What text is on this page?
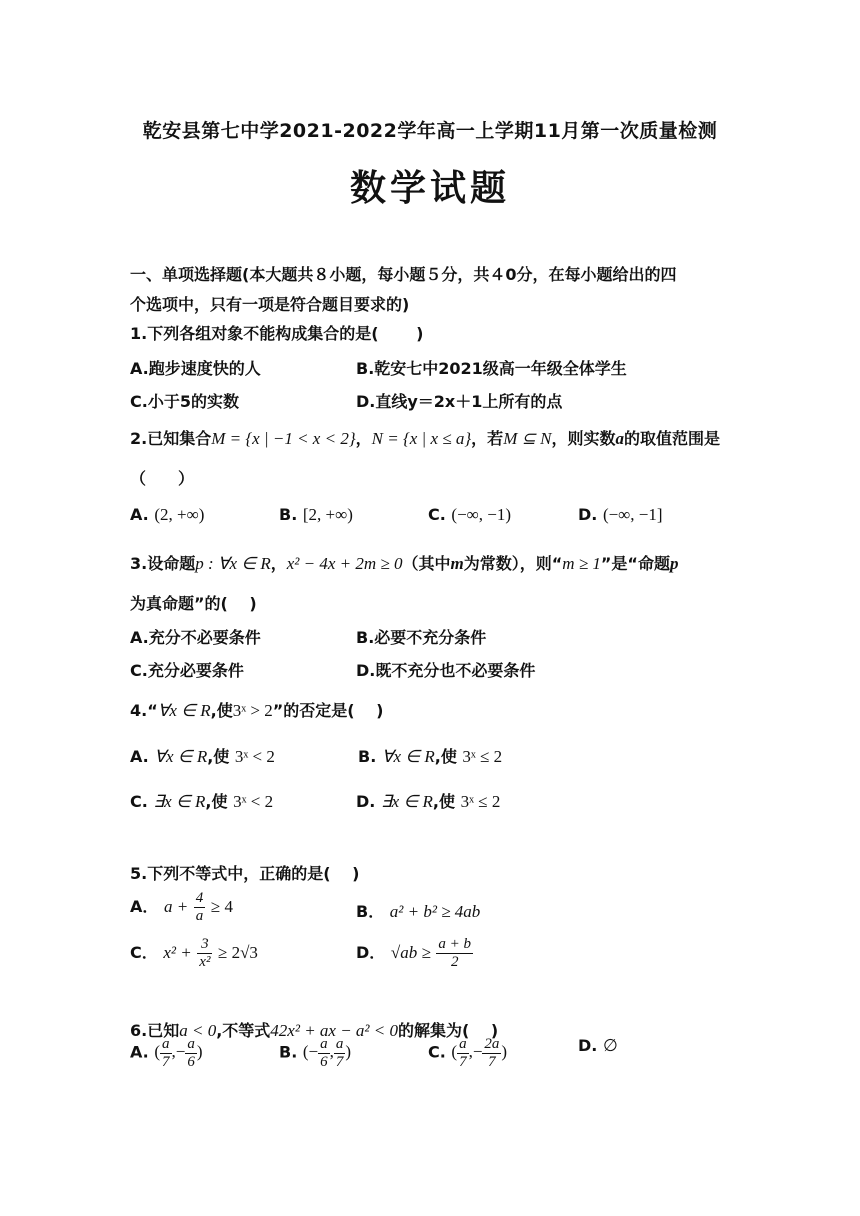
乾安县第七中学2021-2022学年高一上学期11月第一次质量检测
数学试题
一、单项选择题(本大题共８小题，每小题５分，共４0分，在每小题给出的四
个选项中，只有一项是符合题目要求的)
1.下列各组对象不能构成集合的是(　　 )
A.跑步速度快的人	B.乾安七中2021级高一年级全体学生
C.小于5的实数	D.直线y＝2x＋1上所有的点
2.已知集合M = {x | −1 < x < 2}，N = {x | x ≤ a}，若M ⊆ N，则实数a的取值范围是
（　　）
A. (2, +∞)	B. [2, +∞)	C. (−∞, −1)	D. (−∞, −1]
3.设命题p : ∀x ∈ R，x² − 4x + 2m ≥ 0（其中m为常数），则“m ≥ 1”是“命题p
为真命题”的(　 )
A.充分不必要条件	B.必要不充分条件
C.充分必要条件	D.既不充分也不必要条件
4.“∀x ∈ R,使3ˣ > 2”的否定是(　 )
A. ∀x ∈ R,使 3ˣ < 2	B. ∀x ∈ R,使 3ˣ ≤ 2
C. ∃x ∈ R,使 3ˣ < 2	D. ∃x ∈ R,使 3ˣ ≤ 2
5.下列不等式中，正确的是(　 )
A． $a + \frac{4}{a} \ge 4$	B． a² + b² ≥ 4ab
C． $x^2 + \frac{3}{\text{x²}} \ge 2√3$	D． $√ab \ge \frac{a + b}{2}$
6.已知a < 0,不等式42x² + ax − a² < 0的解集为(　 )
A. ( $\frac{a}{7}$ ,− $\frac{a}{6}$ )	B. (− $\frac{a}{6}$ , $\frac{a}{7}$ )	C. ( $\frac{a}{7}$ ,− $\frac{2a}{7}$ )	D. ∅
